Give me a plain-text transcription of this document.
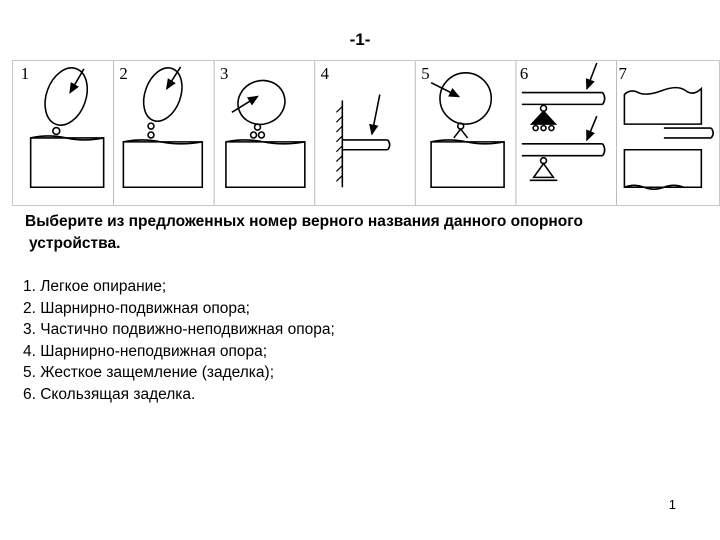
-1-
1	2	3	4	5	6	7
Выберите из предложенных номер верного названия данного опорного
устройства.
1. Легкое опирание;
2. Шарнирно-подвижная опора;
3. Частично подвижно-неподвижная опора;
4. Шарнирно-неподвижная опора;
5. Жесткое защемление (заделка);
6. Скользящая заделка.
1
